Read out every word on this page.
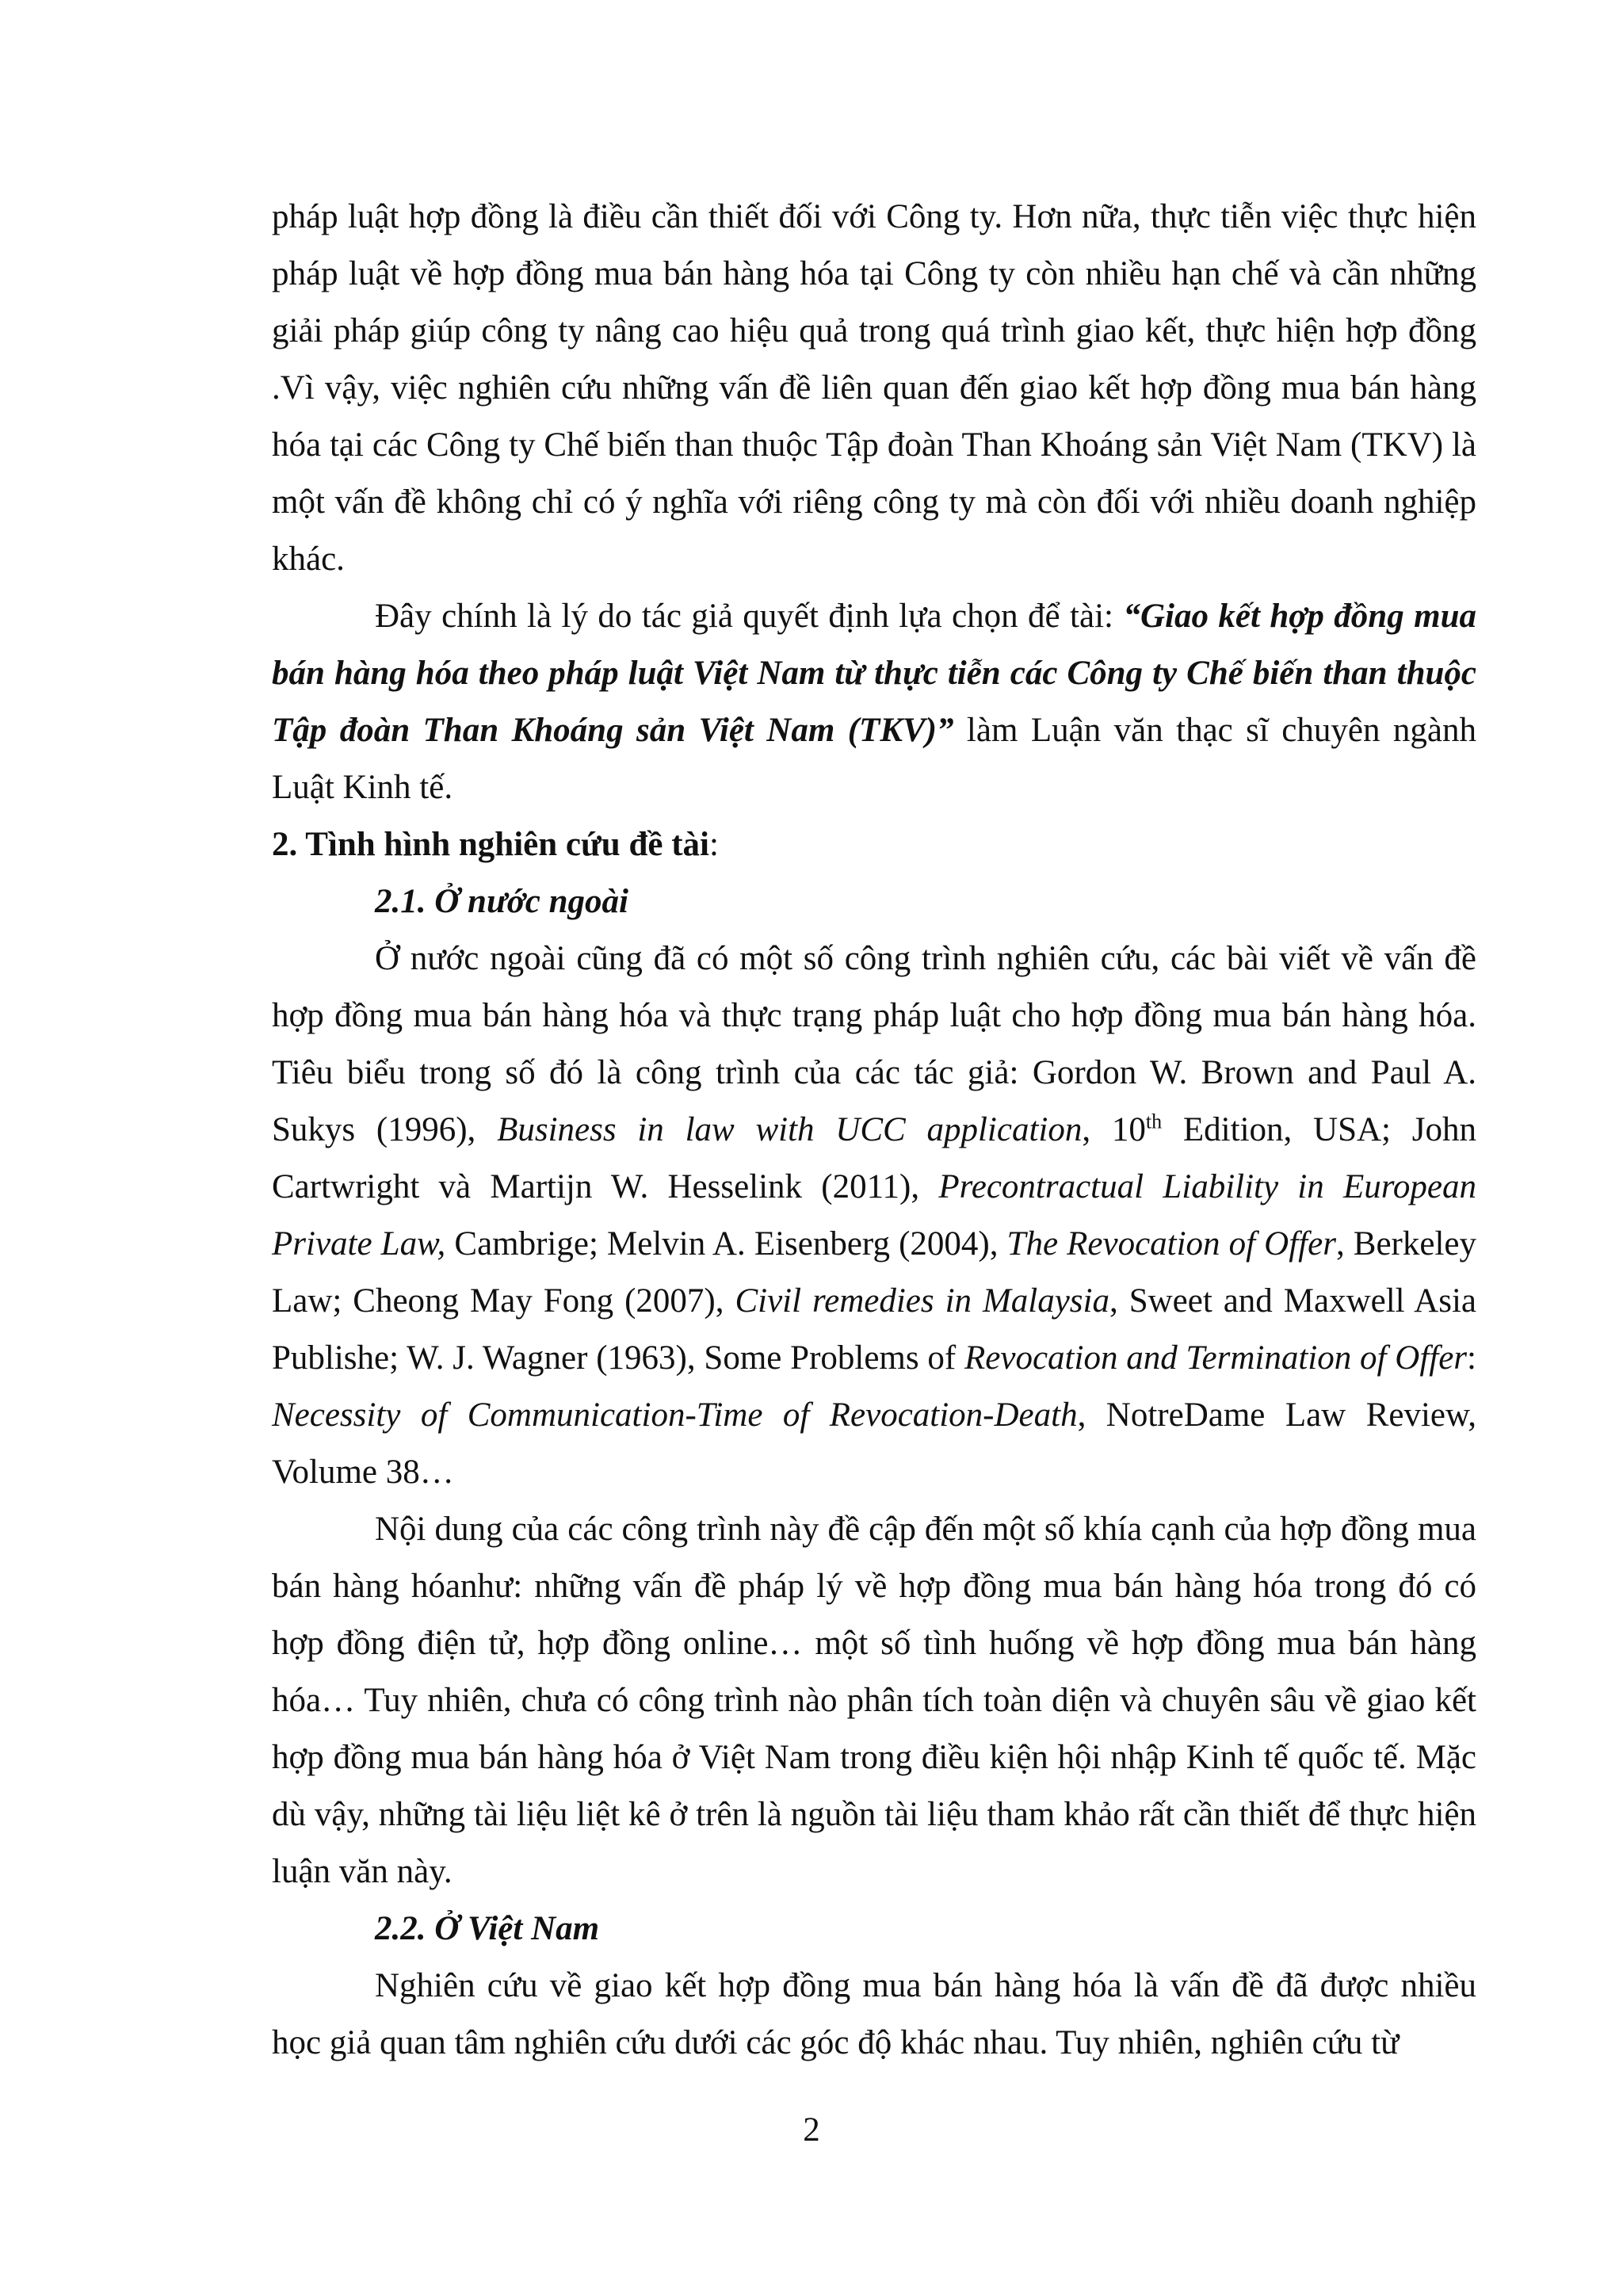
pháp luật hợp đồng là điều cần thiết đối với Công ty. Hơn nữa, thực tiễn việc thực hiện pháp luật về hợp đồng mua bán hàng hóa tại Công ty còn nhiều hạn chế và cần những giải pháp giúp công ty nâng cao hiệu quả trong quá trình giao kết, thực hiện hợp đồng .Vì vậy, việc nghiên cứu những vấn đề liên quan đến giao kết hợp đồng mua bán hàng hóa tại các Công ty Chế biến than thuộc Tập đoàn Than Khoáng sản Việt Nam (TKV) là một vấn đề không chỉ có ý nghĩa với riêng công ty mà còn đối với nhiều doanh nghiệp khác.

Đây chính là lý do tác giả quyết định lựa chọn để tài: “Giao kết hợp đồng mua bán hàng hóa theo pháp luật Việt Nam từ thực tiễn các Công ty Chế biến than thuộc Tập đoàn Than Khoáng sản Việt Nam (TKV)” làm Luận văn thạc sĩ chuyên ngành Luật Kinh tế.

2. Tình hình nghiên cứu đề tài:

2.1. Ở nước ngoài

Ở nước ngoài cũng đã có một số công trình nghiên cứu, các bài viết về vấn đề hợp đồng mua bán hàng hóa và thực trạng pháp luật cho hợp đồng mua bán hàng hóa. Tiêu biểu trong số đó là công trình của các tác giả: Gordon W. Brown and Paul A. Sukys (1996), Business in law with UCC application, 10th Edition, USA; John Cartwright và Martijn W. Hesselink (2011), Precontractual Liability in European Private Law, Cambrige; Melvin A. Eisenberg (2004), The Revocation of Offer, Berkeley Law; Cheong May Fong (2007), Civil remedies in Malaysia, Sweet and Maxwell Asia Publishe; W. J. Wagner (1963), Some Problems of Revocation and Termination of Offer: Necessity of Communication-Time of Revocation-Death, NotreDame Law Review, Volume 38…

Nội dung của các công trình này đề cập đến một số khía cạnh của hợp đồng mua bán hàng hóanhư: những vấn đề pháp lý về hợp đồng mua bán hàng hóa trong đó có hợp đồng điện tử, hợp đồng online… một số tình huống về hợp đồng mua bán hàng hóa… Tuy nhiên, chưa có công trình nào phân tích toàn diện và chuyên sâu về giao kết hợp đồng mua bán hàng hóa ở Việt Nam trong điều kiện hội nhập Kinh tế quốc tế. Mặc dù vậy, những tài liệu liệt kê ở trên là nguồn tài liệu tham khảo rất cần thiết để thực hiện luận văn này.

2.2. Ở Việt Nam

Nghiên cứu về giao kết hợp đồng mua bán hàng hóa là vấn đề đã được nhiều học giả quan tâm nghiên cứu dưới các góc độ khác nhau. Tuy nhiên, nghiên cứu từ

2
